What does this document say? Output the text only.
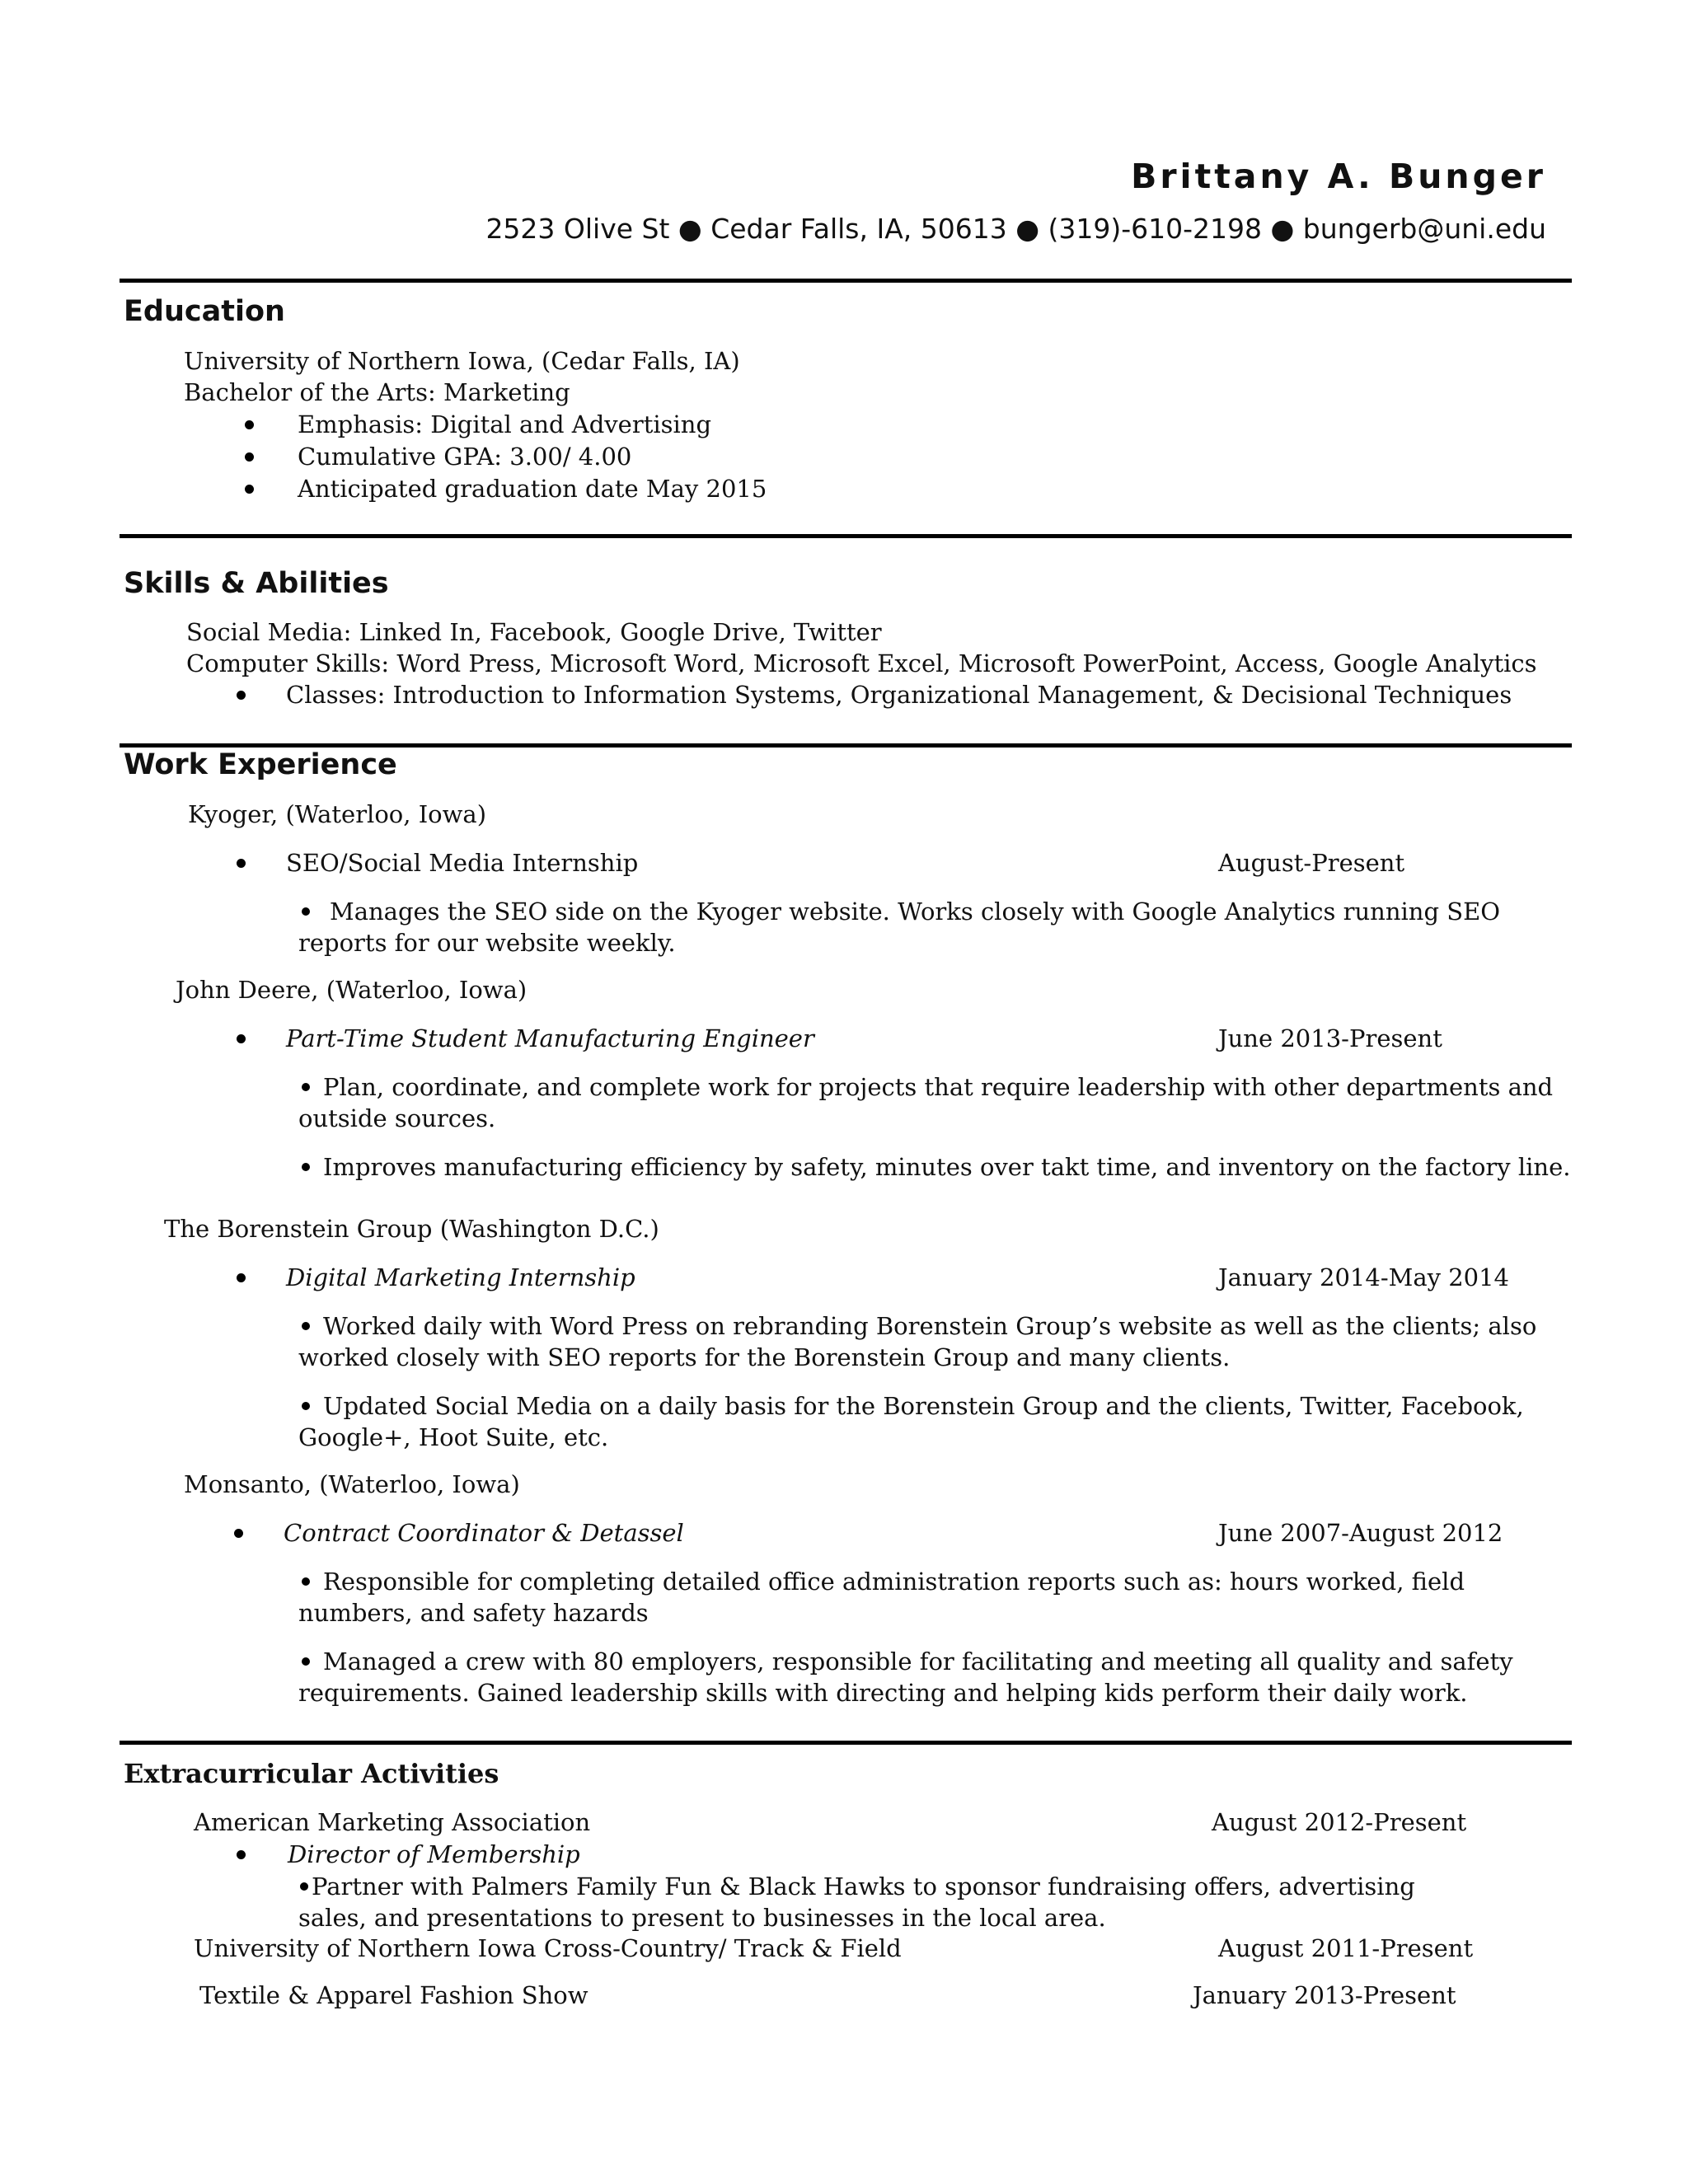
Brittany A. Bunger
2523 Olive St ● Cedar Falls, IA, 50613 ● (319)-610-2198 ● bungerb@uni.edu
Education
University of Northern Iowa, (Cedar Falls, IA)
Bachelor of the Arts: Marketing
Emphasis: Digital and Advertising
Cumulative GPA: 3.00/ 4.00
Anticipated graduation date May 2015
Skills & Abilities
Social Media: Linked In, Facebook, Google Drive, Twitter
Computer Skills: Word Press, Microsoft Word, Microsoft Excel, Microsoft PowerPoint, Access, Google Analytics
Classes: Introduction to Information Systems, Organizational Management, & Decisional Techniques
Work Experience
Kyoger, (Waterloo, Iowa)
SEO/Social Media Internship	August-Present
Manages the SEO side on the Kyoger website. Works closely with Google Analytics running SEO reports for our website weekly.
John Deere, (Waterloo, Iowa)
Part-Time Student Manufacturing Engineer	June 2013-Present
Plan, coordinate, and complete work for projects that require leadership with other departments and outside sources.
Improves manufacturing efficiency by safety, minutes over takt time, and inventory on the factory line.
The Borenstein Group (Washington D.C.)
Digital Marketing Internship	January 2014-May 2014
Worked daily with Word Press on rebranding Borenstein Group’s website as well as the clients; also worked closely with SEO reports for the Borenstein Group and many clients.
Updated Social Media on a daily basis for the Borenstein Group and the clients, Twitter, Facebook, Google+, Hoot Suite, etc.
Monsanto, (Waterloo, Iowa)
Contract Coordinator & Detassel	June 2007-August 2012
Responsible for completing detailed office administration reports such as: hours worked, field numbers, and safety hazards
Managed a crew with 80 employers, responsible for facilitating and meeting all quality and safety requirements. Gained leadership skills with directing and helping kids perform their daily work.
Extracurricular Activities
American Marketing Association	August 2012-Present
Director of Membership
Partner with Palmers Family Fun & Black Hawks to sponsor fundraising offers, advertising sales, and presentations to present to businesses in the local area.
University of Northern Iowa Cross-Country/ Track & Field	August 2011-Present
Textile & Apparel Fashion Show	January 2013-Present
